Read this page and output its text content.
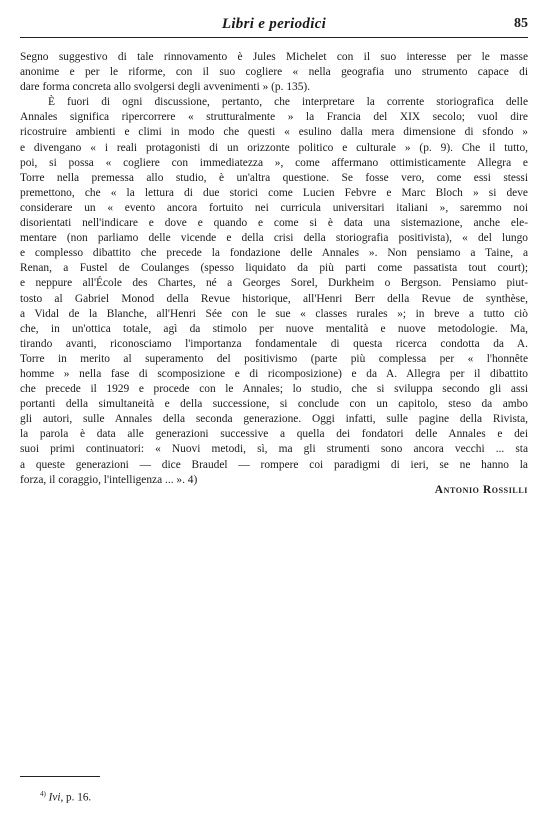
Libri e periodici	85
Segno suggestivo di tale rinnovamento è Jules Michelet con il suo interesse per le masse
anonime e per le riforme, con il suo cogliere « nella geografia uno strumento capace di
dare forma concreta allo svolgersi degli avvenimenti » (p. 135).
È fuori di ogni discussione, pertanto, che interpretare la corrente storiografica delle
Annales significa ripercorrere « strutturalmente » la Francia del XIX secolo; vuol dire
ricostruire ambienti e climi in modo che questi « esulino dalla mera dimensione di sfondo »
e divengano « i reali protagonisti di un orizzonte politico e culturale » (p. 9). Che il tutto,
poi, si possa « cogliere con immediatezza », come affermano ottimisticamente Allegra e
Torre nella premessa allo studio, è un'altra questione. Se fosse vero, come essi stessi
premettono, che « la lettura di due storici come Lucien Febvre e Marc Bloch » si deve
considerare un « evento ancora fortuito nei curricula universitari italiani », saremmo noi
disorientati nell'indicare e dove e quando e come si è data una sistemazione, anche ele-
mentare (non parliamo delle vicende e della crisi della storiografia positivista), « del lungo
e complesso dibattito che precede la fondazione delle Annales ». Non pensiamo a Taine, a
Renan, a Fustel de Coulanges (spesso liquidato da più parti come passatista tout court);
e neppure all'École des Chartes, né a Georges Sorel, Durkheim o Bergson. Pensiamo piut-
tosto al Gabriel Monod della Revue historique, all'Henri Berr della Revue de synthèse,
a Vidal de la Blanche, all'Henri Sée con le sue « classes rurales »; in breve a tutto ciò
che, in un'ottica totale, agì da stimolo per nuove mentalità e nuove metodologie. Ma,
tirando avanti, riconosciamo l'importanza fondamentale di questa ricerca condotta da A.
Torre in merito al superamento del positivismo (parte più complessa per « l'honnête
homme » nella fase di scomposizione e di ricomposizione) e da A. Allegra per il dibattito
che precede il 1929 e procede con le Annales; lo studio, che si sviluppa secondo gli assi
portanti della simultaneità e della successione, si conclude con un capitolo, steso da ambo
gli autori, sulle Annales della seconda generazione. Oggi infatti, sulle pagine della Rivista,
la parola è data alle generazioni successive a quella dei fondatori delle Annales e dei
suoi primi continuatori: « Nuovi metodi, sì, ma gli strumenti sono ancora vecchi ... sta
a queste generazioni — dice Braudel — rompere coi paradigmi di ieri, se ne hanno la
forza, il coraggio, l'intelligenza ... ». 4)
Antonio Rossilli
$^{4)}$ Ivi, p. 16.
